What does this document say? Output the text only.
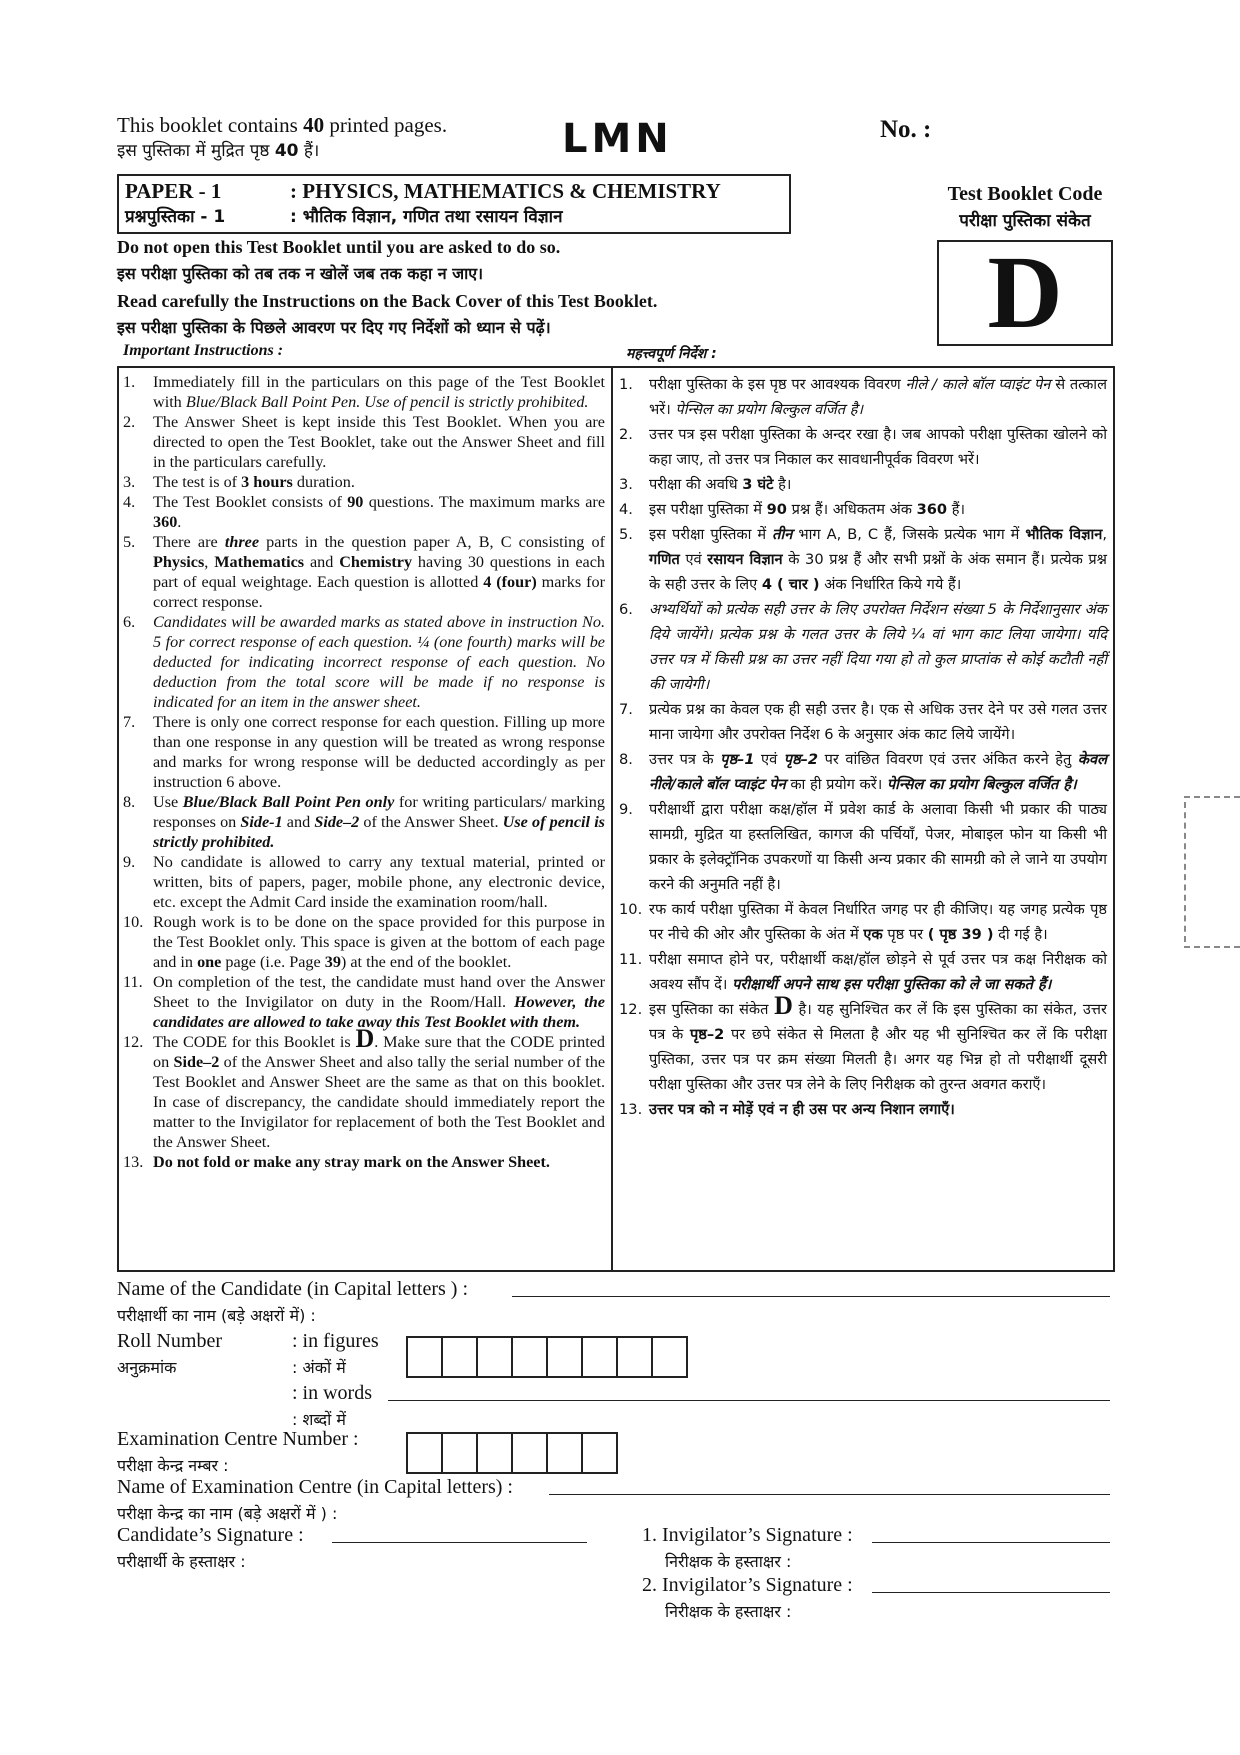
This booklet contains 40 printed pages.
इस पुस्तिका में मुद्रित पृष्ठ 40 हैं।	LMN	No. :
PAPER - 1	: PHYSICS, MATHEMATICS & CHEMISTRY
प्रश्नपुस्तिका - 1	: भौतिक विज्ञान, गणित तथा रसायन विज्ञान
Test Booklet Code
परीक्षा पुस्तिका संकेत
D
Do not open this Test Booklet until you are asked to do so.
इस परीक्षा पुस्तिका को तब तक न खोलें जब तक कहा न जाए।
Read carefully the Instructions on the Back Cover of this Test Booklet.
इस परीक्षा पुस्तिका के पिछले आवरण पर दिए गए निर्देशों को ध्यान से पढ़ें।
Important Instructions :	महत्त्वपूर्ण निर्देश :
1. Immediately fill in the particulars on this page of the Test Booklet with Blue/Black Ball Point Pen. Use of pencil is strictly prohibited.
2. The Answer Sheet is kept inside this Test Booklet. When you are directed to open the Test Booklet, take out the Answer Sheet and fill in the particulars carefully.
3. The test is of 3 hours duration.
4. The Test Booklet consists of 90 questions. The maximum marks are 360.
5. There are three parts in the question paper A, B, C consisting of Physics, Mathematics and Chemistry having 30 questions in each part of equal weightage. Each question is allotted 4 (four) marks for correct response.
6. Candidates will be awarded marks as stated above in instruction No. 5 for correct response of each question. ¼ (one fourth) marks will be deducted for indicating incorrect response of each question. No deduction from the total score will be made if no response is indicated for an item in the answer sheet.
7. There is only one correct response for each question. Filling up more than one response in any question will be treated as wrong response and marks for wrong response will be deducted accordingly as per instruction 6 above.
8. Use Blue/Black Ball Point Pen only for writing particulars/ marking responses on Side-1 and Side–2 of the Answer Sheet. Use of pencil is strictly prohibited.
9. No candidate is allowed to carry any textual material, printed or written, bits of papers, pager, mobile phone, any electronic device, etc. except the Admit Card inside the examination room/hall.
10. Rough work is to be done on the space provided for this purpose in the Test Booklet only. This space is given at the bottom of each page and in one page (i.e. Page 39) at the end of the booklet.
11. On completion of the test, the candidate must hand over the Answer Sheet to the Invigilator on duty in the Room/Hall. However, the candidates are allowed to take away this Test Booklet with them.
12. The CODE for this Booklet is D. Make sure that the CODE printed on Side–2 of the Answer Sheet and also tally the serial number of the Test Booklet and Answer Sheet are the same as that on this booklet. In case of discrepancy, the candidate should immediately report the matter to the Invigilator for replacement of both the Test Booklet and the Answer Sheet.
13. Do not fold or make any stray mark on the Answer Sheet.
1. परीक्षा पुस्तिका के इस पृष्ठ पर आवश्यक विवरण नीले / काले बॉल प्वाइंट पेन से तत्काल भरें। पेन्सिल का प्रयोग बिल्कुल वर्जित है।
2. उत्तर पत्र इस परीक्षा पुस्तिका के अन्दर रखा है। जब आपको परीक्षा पुस्तिका खोलने को कहा जाए, तो उत्तर पत्र निकाल कर सावधानीपूर्वक विवरण भरें।
3. परीक्षा की अवधि 3 घंटे है।
4. इस परीक्षा पुस्तिका में 90 प्रश्न हैं। अधिकतम अंक 360 हैं।
5. इस परीक्षा पुस्तिका में तीन भाग A, B, C हैं, जिसके प्रत्येक भाग में भौतिक विज्ञान, गणित एवं रसायन विज्ञान के 30 प्रश्न हैं और सभी प्रश्नों के अंक समान हैं। प्रत्येक प्रश्न के सही उत्तर के लिए 4 ( चार ) अंक निर्धारित किये गये हैं।
6. अभ्यर्थियों को प्रत्येक सही उत्तर के लिए उपरोक्त निर्देशन संख्या 5 के निर्देशानुसार अंक दिये जायेंगे। प्रत्येक प्रश्न के गलत उत्तर के लिये ¼ वां भाग काट लिया जायेगा। यदि उत्तर पत्र में किसी प्रश्न का उत्तर नहीं दिया गया हो तो कुल प्राप्तांक से कोई कटौती नहीं की जायेगी।
7. प्रत्येक प्रश्न का केवल एक ही सही उत्तर है। एक से अधिक उत्तर देने पर उसे गलत उत्तर माना जायेगा और उपरोक्त निर्देश 6 के अनुसार अंक काट लिये जायेंगे।
8. उत्तर पत्र के पृष्ठ–1 एवं पृष्ठ–2 पर वांछित विवरण एवं उत्तर अंकित करने हेतु केवल नीले/काले बॉल प्वाइंट पेन का ही प्रयोग करें। पेन्सिल का प्रयोग बिल्कुल वर्जित है।
9. परीक्षार्थी द्वारा परीक्षा कक्ष/हॉल में प्रवेश कार्ड के अलावा किसी भी प्रकार की पाठ्य सामग्री, मुद्रित या हस्तलिखित, कागज की पर्चियाँ, पेजर, मोबाइल फोन या किसी भी प्रकार के इलेक्ट्रॉनिक उपकरणों या किसी अन्य प्रकार की सामग्री को ले जाने या उपयोग करने की अनुमति नहीं है।
10. रफ कार्य परीक्षा पुस्तिका में केवल निर्धारित जगह पर ही कीजिए। यह जगह प्रत्येक पृष्ठ पर नीचे की ओर और पुस्तिका के अंत में एक पृष्ठ पर ( पृष्ठ 39 ) दी गई है।
11. परीक्षा समाप्त होने पर, परीक्षार्थी कक्ष/हॉल छोड़ने से पूर्व उत्तर पत्र कक्ष निरीक्षक को अवश्य सौंप दें। परीक्षार्थी अपने साथ इस परीक्षा पुस्तिका को ले जा सकते हैं।
12. इस पुस्तिका का संकेत D है। यह सुनिश्चित कर लें कि इस पुस्तिका का संकेत, उत्तर पत्र के पृष्ठ–2 पर छपे संकेत से मिलता है और यह भी सुनिश्चित कर लें कि परीक्षा पुस्तिका, उत्तर पत्र पर क्रम संख्या मिलती है। अगर यह भिन्न हो तो परीक्षार्थी दूसरी परीक्षा पुस्तिका और उत्तर पत्र लेने के लिए निरीक्षक को तुरन्त अवगत कराएँ।
13. उत्तर पत्र को न मोड़ें एवं न ही उस पर अन्य निशान लगाएँ।
Name of the Candidate (in Capital letters ) :
परीक्षार्थी का नाम (बड़े अक्षरों में) :
Roll Number
अनुक्रमांक
: in figures
: अंकों में
: in words
: शब्दों में
Examination Centre Number :
परीक्षा केन्द्र नम्बर :
Name of Examination Centre (in Capital letters) :
परीक्षा केन्द्र का नाम (बड़े अक्षरों में ) :
Candidate’s Signature :
परीक्षार्थी के हस्ताक्षर :
1. Invigilator’s Signature :
निरीक्षक के हस्ताक्षर :
2. Invigilator’s Signature :
निरीक्षक के हस्ताक्षर :
